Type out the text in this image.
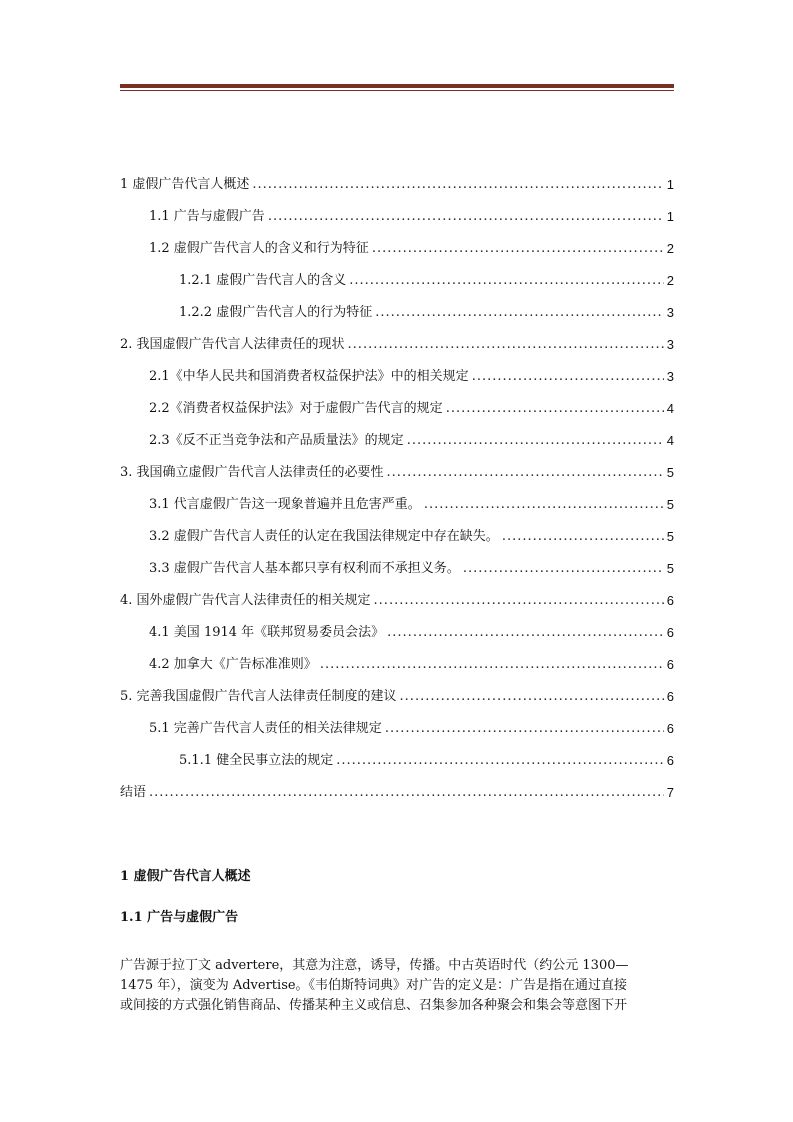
1 虚假广告代言人概述 .....	1
1.1 广告与虚假广告 .....	1
1.2 虚假广告代言人的含义和行为特征 .....	2
1.2.1 虚假广告代言人的含义 .....	2
1.2.2 虚假广告代言人的行为特征 .....	3
2. 我国虚假广告代言人法律责任的现状 .....	3
2.1《中华人民共和国消费者权益保护法》中的相关规定 .....	3
2.2《消费者权益保护法》对于虚假广告代言的规定 .....	4
2.3《反不正当竞争法和产品质量法》的规定 .....	4
3. 我国确立虚假广告代言人法律责任的必要性 .....	5
3.1 代言虚假广告这一现象普遍并且危害严重。 .....	5
3.2 虚假广告代言人责任的认定在我国法律规定中存在缺失。 .....	5
3.3 虚假广告代言人基本都只享有权利而不承担义务。 .....	5
4. 国外虚假广告代言人法律责任的相关规定 .....	6
4.1 美国 1914 年《联邦贸易委员会法》 .....	6
4.2 加拿大《广告标准准则》 .....	6
5. 完善我国虚假广告代言人法律责任制度的建议 .....	6
5.1 完善广告代言人责任的相关法律规定 .....	6
5.1.1 健全民事立法的规定 .....	6
结语 .....	7
1 虚假广告代言人概述
1.1 广告与虚假广告

广告源于拉丁文 advertere，其意为注意，诱导，传播。中古英语时代（约公元 1300—

1475 年），演变为 Advertise。《韦伯斯特词典》对广告的定义是：广告是指在通过直接

或间接的方式强化销售商品、传播某种主义或信息、召集参加各种聚会和集会等意图下开
